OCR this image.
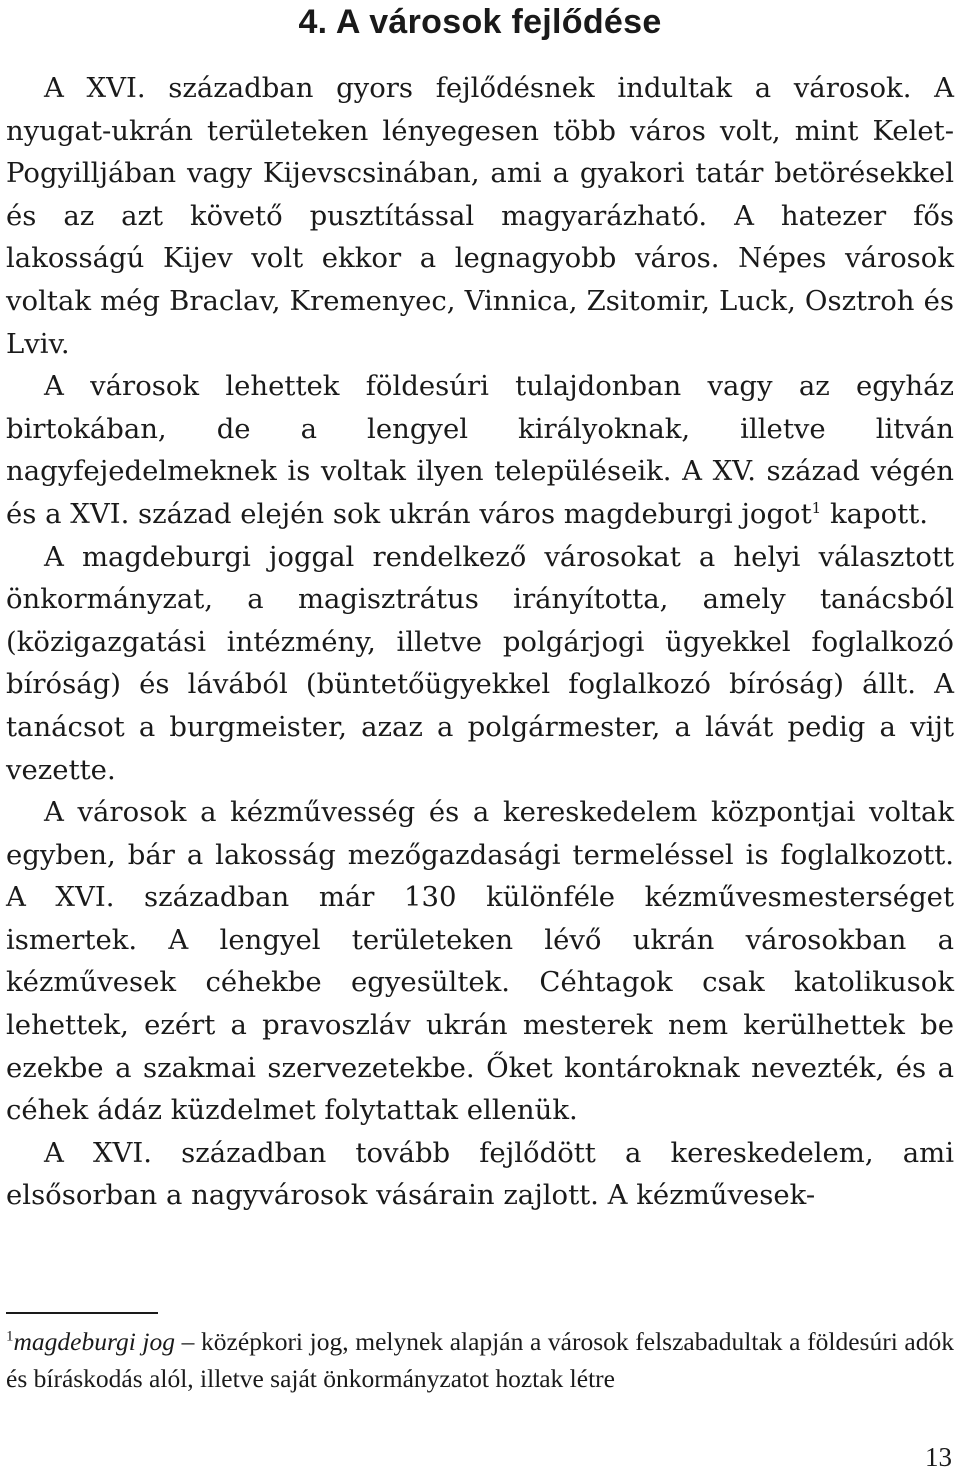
4. A városok fejlődése

A XVI. században gyors fejlődésnek indultak a városok. A nyugat-ukrán területeken lényegesen több város volt, mint Kelet-Pogyilljában vagy Kijevscsinában, ami a gyakori tatár betörésekkel és az azt követő pusztítással magyarázható. A hatezer fős lakosságú Kijev volt ekkor a legnagyobb város. Népes városok voltak még Braclav, Kremenyec, Vinnica, Zsitomir, Luck, Osztroh és Lviv.

A városok lehettek földesúri tulajdonban vagy az egyház birtokában, de a lengyel királyoknak, illetve litván nagyfejedelmeknek is voltak ilyen településeik. A XV. század végén és a XVI. század elején sok ukrán város magdeburgi jogot$^1$ kapott.

A magdeburgi joggal rendelkező városokat a helyi választott önkormányzat, a magisztrátus irányította, amely tanácsból (közigazgatási intézmény, illetve polgárjogi ügyekkel foglalkozó bíróság) és lávából (büntetőügyekkel foglalkozó bíróság) állt. A tanácsot a burgmeister, azaz a polgármester, a lávát pedig a vijt vezette.

A városok a kézművesség és a kereskedelem központjai voltak egyben, bár a lakosság mezőgazdasági termeléssel is foglalkozott. A XVI. században már 130 különféle kézművesmesterséget ismertek. A lengyel területeken lévő ukrán városokban a kézművesek céhekbe egyesültek. Céhtagok csak katolikusok lehettek, ezért a pravoszláv ukrán mesterek nem kerülhettek be ezekbe a szakmai szervezetekbe. Őket kontároknak nevezték, és a céhek ádáz küzdelmet folytattak ellenük.

A XVI. században tovább fejlődött a kereskedelem, ami elsősorban a nagyvárosok vásárain zajlott. A kézművesek-

$^1$magdeburgi jog – középkori jog, melynek alapján a városok felszabadultak a földesúri adók és bíráskodás alól, illetve saját önkormányzatot hoztak létre
13
